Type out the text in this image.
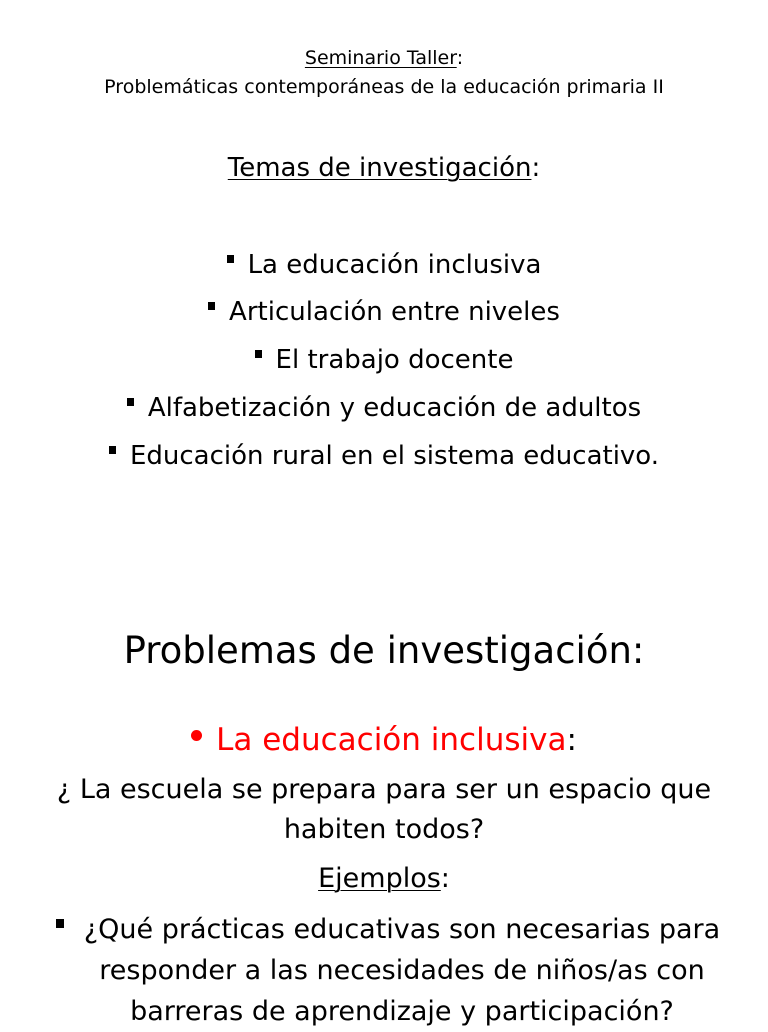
Seminario Taller:
Problemáticas contemporáneas de la educación primaria II
Temas de investigación:
La educación inclusiva
Articulación entre niveles
El trabajo docente
Alfabetización y educación de adultos
Educación rural en el sistema educativo.
Problemas de investigación:
La educación inclusiva:
¿ La escuela se prepara para ser un espacio que
habiten todos?
Ejemplos:
¿Qué prácticas educativas son necesarias para
responder a las necesidades de niños/as con
barreras de aprendizaje y participación?
